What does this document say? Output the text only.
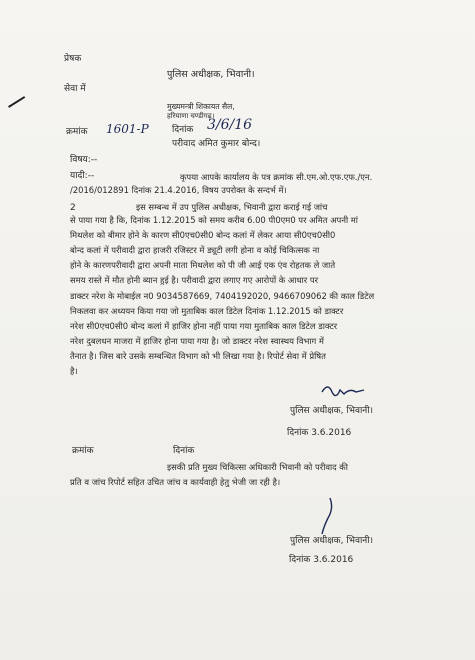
प्रेषक
पुलिस अधीक्षक, भिवानी।
सेवा में
मुख्यमन्त्री शिकायत सैल,
हरियाणा चण्डीगढ़।
क्रमांक 1601-P	दिनांक 3/6/16
परीवाद अमित कुमार बोन्द।
विषय:--
यादी:--	कृपया आपके कार्यालय के पत्र क्रमांक सी.एम.ओ.एफ.एफ./एन.
/2016/012891 दिनांक 21.4.2016, विषय उपरोक्त के सन्दर्भ में।
2	इस सम्बन्ध में उप पुलिस अधीक्षक, भिवानी द्वारा कराई गई जांच
से पाया गया है कि, दिनांक 1.12.2015 को समय करीब 6.00 पी0एम0 पर अमित अपनी मां
मिथलेश को बीमार होने के कारण सी0एच0सी0 बोन्द कलां में लेकर आया सी0एच0सी0
बोन्द कलां में परीवादी द्वारा हाजरी रजिस्टर में ड्यूटी लगी होना व कोई चिकित्सक ना
होने के कारणपरीवादी द्वारा अपनी माता मिथलेश को पी जी आई एक एंव रोहतक ले जाते
समय रास्ते में मौत होनी ब्यान हुई है। परीवादी द्वारा लगाए गए आरोपों के आधार पर
डाक्टर नरेश के मोबाईल न0 9034587669, 7404192020, 9466709062 की काल डिटेल
निकलवा कर अध्ययन किया गया जो मुताबिक काल डिटेल दिनांक 1.12.2015 को डाक्टर
नरेश सी0एच0सी0 बोन्द कलां में हाजिर होना नहीं पाया गया मुताबिक काल डिटेल डाक्टर
नरेश दुबलधन माजरा में हाजिर होना पाया गया है। जो डाक्टर नरेश स्वास्थय विभाग में
तैनात है। जिस बारे उसके सम्बन्धित विभाग को भी लिखा गया है। रिपोर्ट सेवा में प्रेषित
है।
पुलिस अधीक्षक, भिवानी।
दिनांक 3.6.2016
क्रमांक	दिनांक
इसकी प्रति मुख्य चिकित्सा अधिकारी भिवानी को परीवाद की
प्रति व जांच रिपोर्ट सहित उचित जांच व कार्यवाही हेतु भेजी जा रही है।
पुलिस अधीक्षक, भिवानी।
दिनांक 3.6.2016
